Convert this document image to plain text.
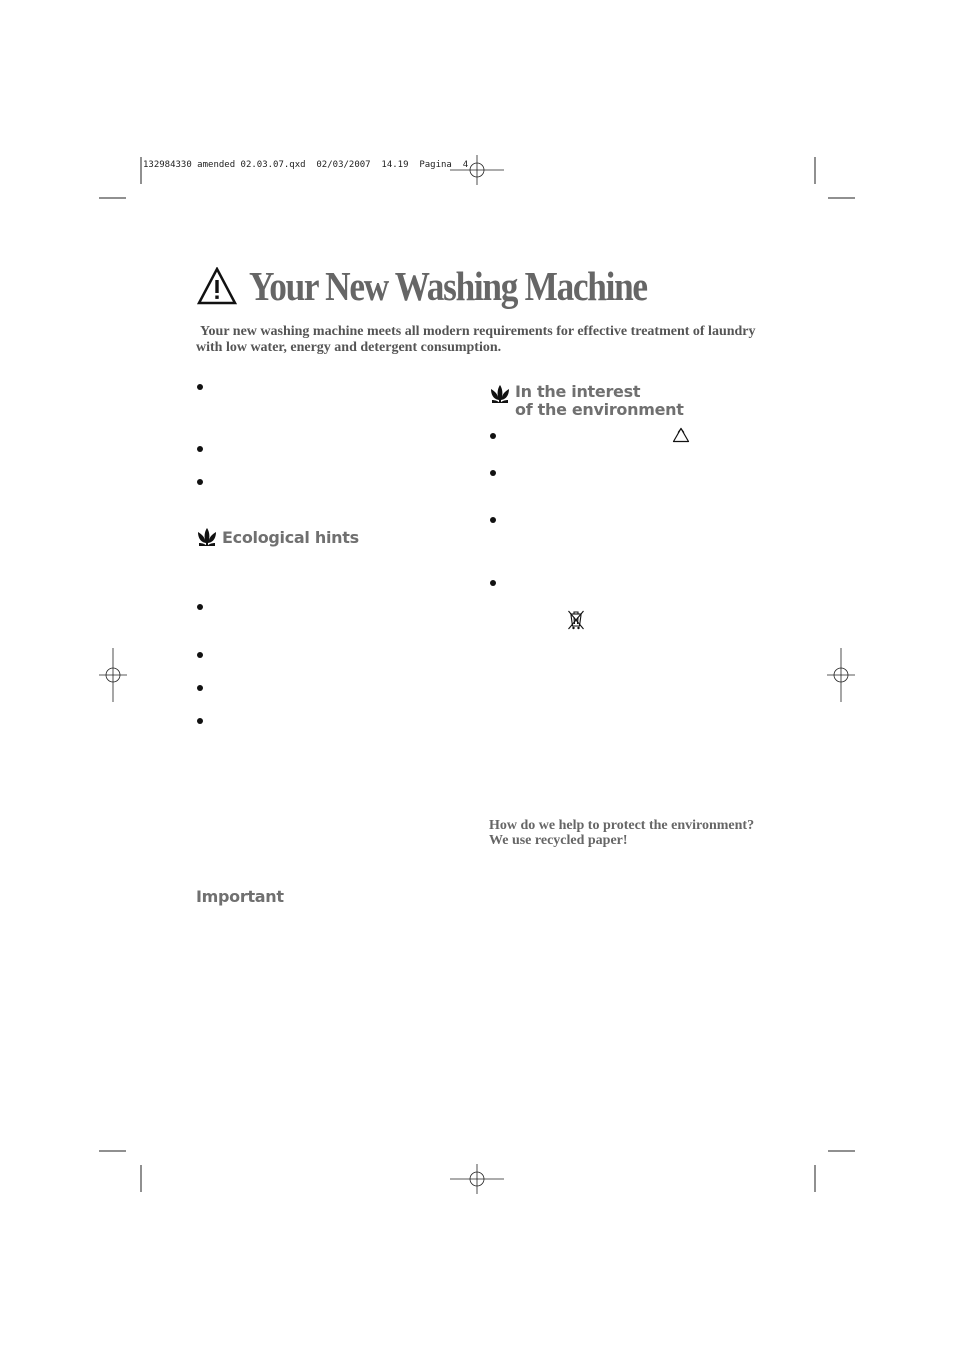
132984330 amended 02.03.07.qxd  02/03/2007  14.19  Pagina  4
Your New Washing Machine
Your new washing machine meets all modern requirements for effective treatment of laundry
with low water, energy and detergent consumption.
Ecological hints
Important
In the interest
of the environment
How do we help to protect the environment?
We use recycled paper!
